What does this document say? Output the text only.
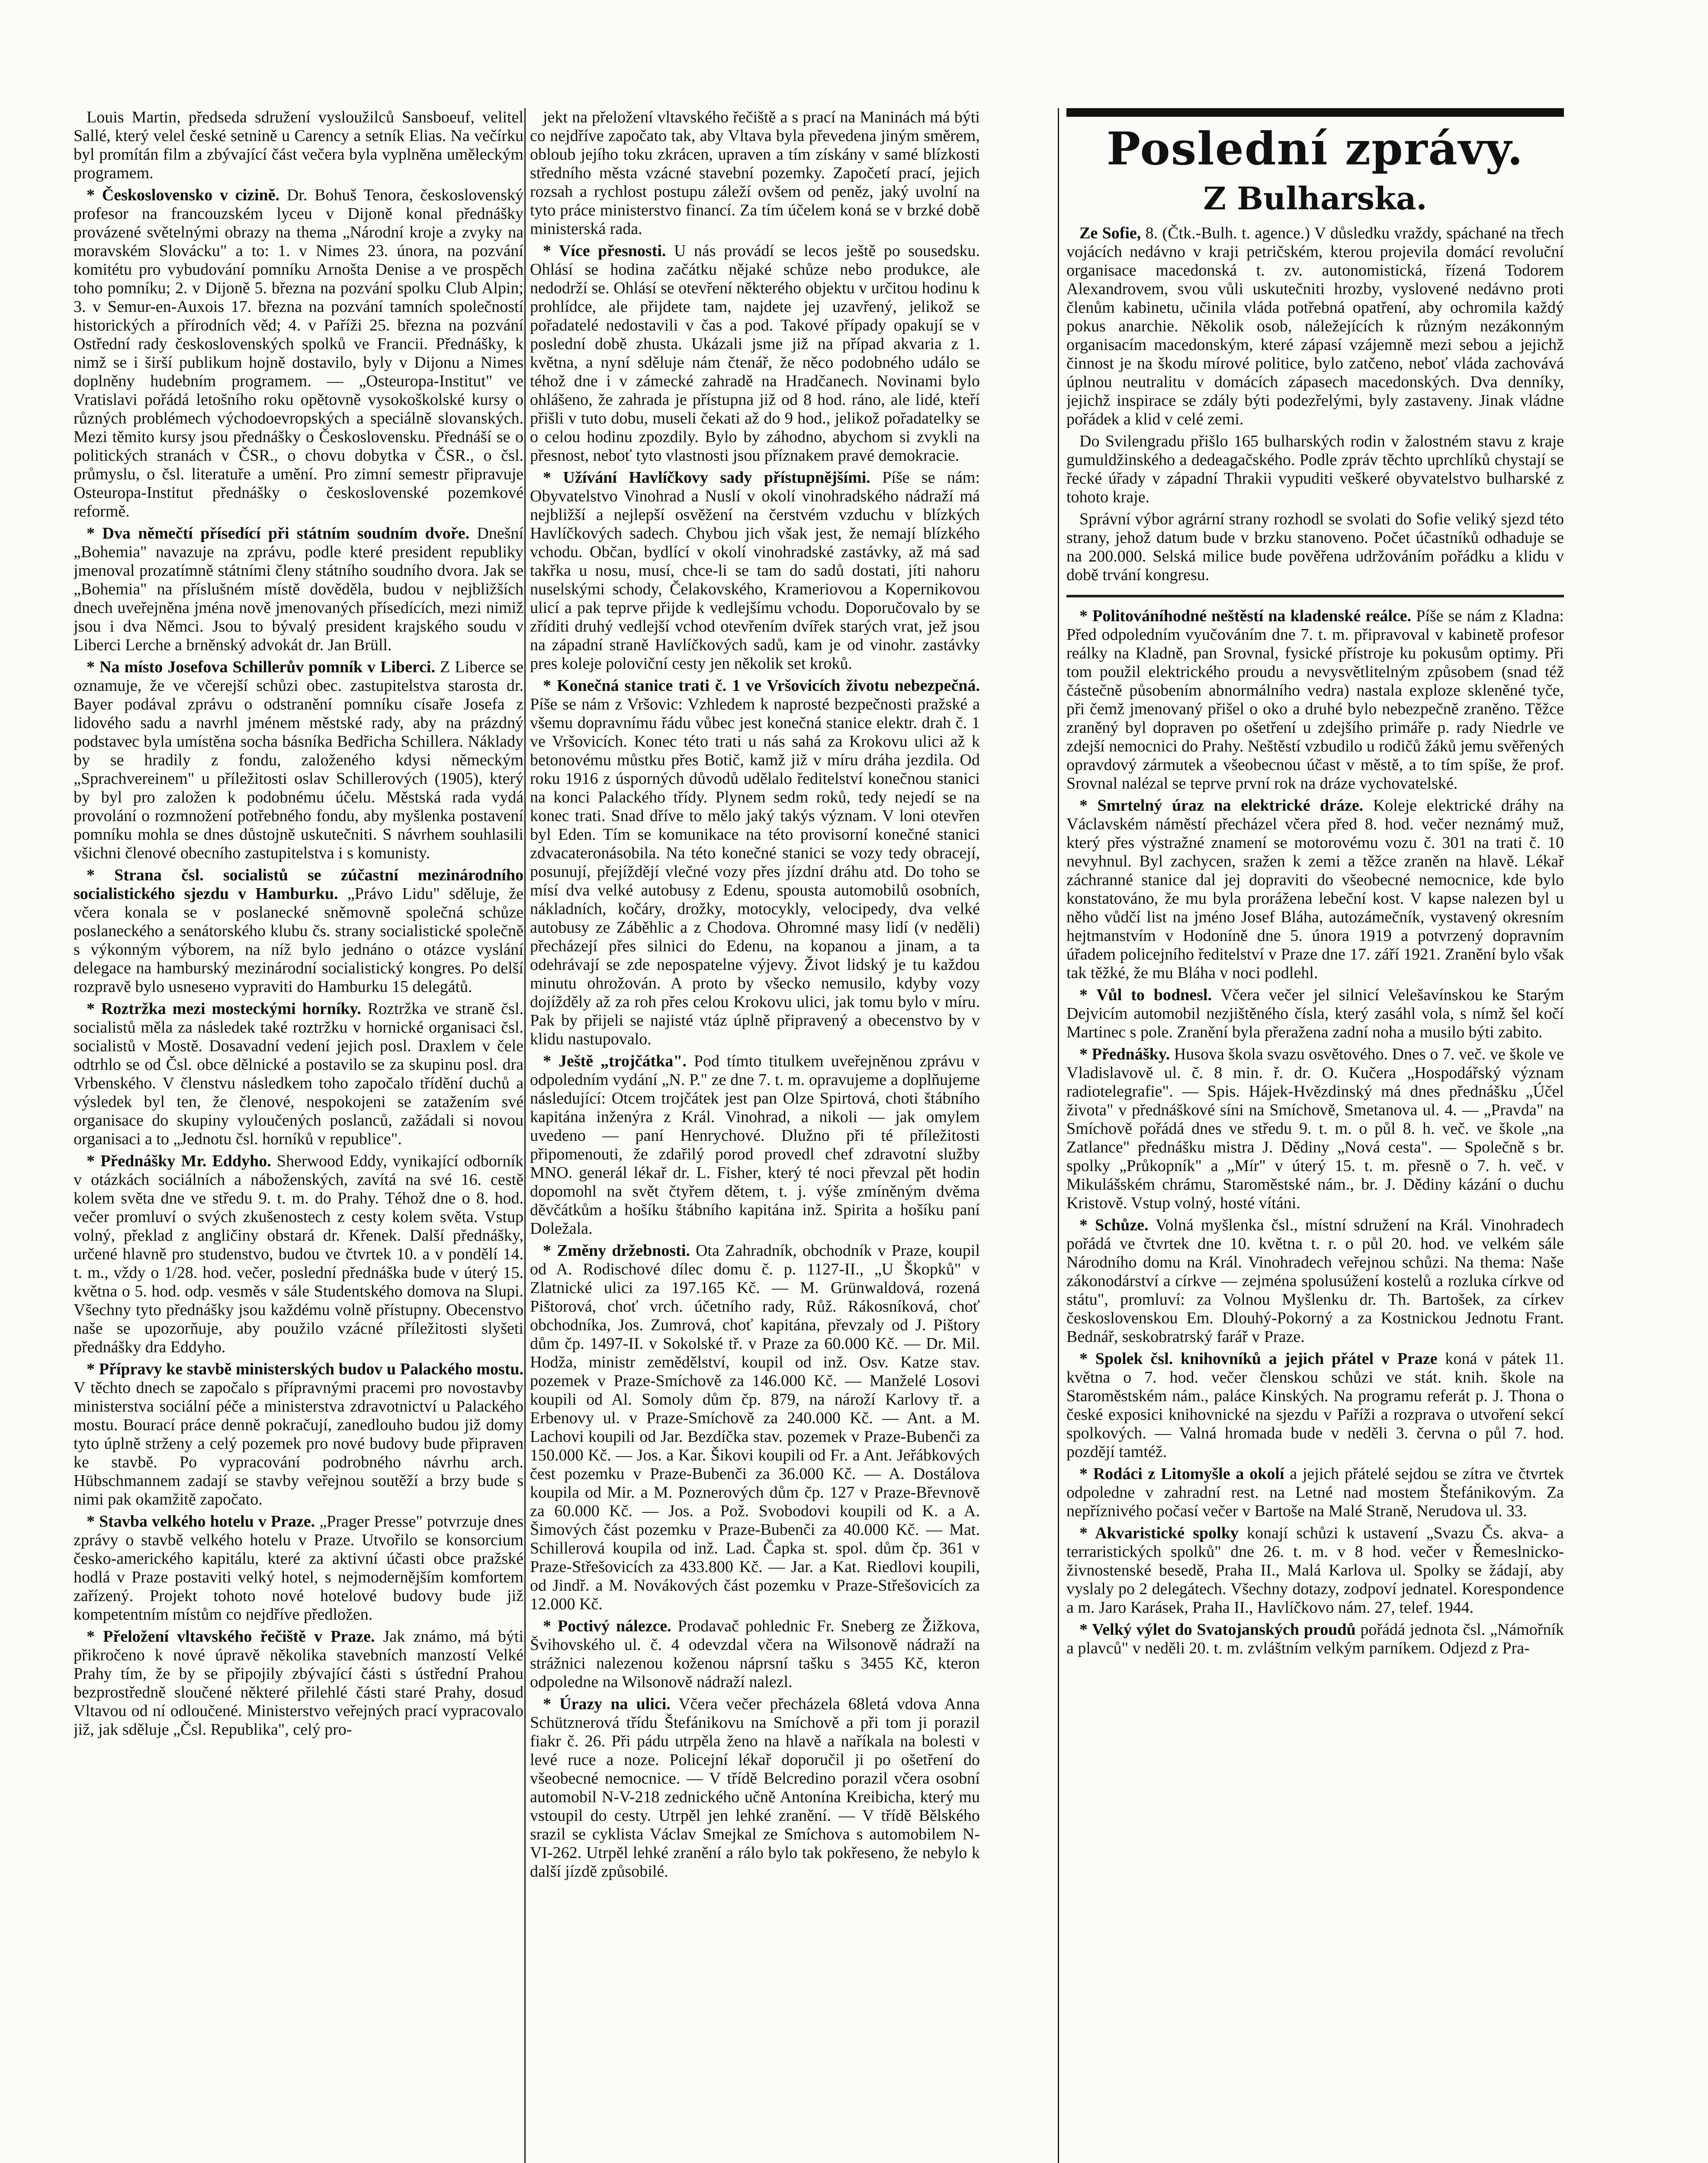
Louis Martin, předseda sdružení vysloužilců Sansboeuf, velitel Sallé, který velel české setnině u Carency a setník Elias. Na večírku byl promítán film a zbývající část večera byla vyplněna uměleckým programem.

* Československo v cizině. Dr. Bohuš Tenora, československý profesor na francouzském lyceu v Dijoně konal přednášky provázené světelnými obrazy na thema „Národní kroje a zvyky na moravském Slovácku" a to: 1. v Nimes 23. února, na pozvání komitétu pro vybudování pomníku Arnošta Denise a ve prospěch toho pomníku; 2. v Dijoně 5. března na pozvání spolku Club Alpin; 3. v Semur-en-Auxois 17. března na pozvání tamních společností historických a přírodních věd; 4. v Paříži 25. března na pozvání Ostřední rady československých spolků ve Francii. Přednášky, k nimž se i širší publikum hojně dostavilo, byly v Dijonu a Nimes doplněny hudebním programem. — „Osteuropa-Institut" ve Vratislavi pořádá letošního roku opětovně vysokoškolské kursy o různých problémech východoevropských a speciálně slovanských. Mezi těmito kursy jsou přednášky o Československu. Přednáší se o politických stranách v ČSR., o chovu dobytka v ČSR., o čsl. průmyslu, o čsl. literatuře a umění. Pro zimní semestr připravuje Osteuropa-Institut přednášky o československé pozemkové reformě.

* Dva němečtí přísedící při státním soudním dvoře. Dnešní „Bohemia" navazuje na zprávu, podle které president republiky jmenoval prozatímně státními členy státního soudního dvora. Jak se „Bohemia" na příslušném místě dověděla, budou v nejbližších dnech uveřejněna jména nově jmenovaných přísedících, mezi nimiž jsou i dva Němci. Jsou to bývalý president krajského soudu v Liberci Lerche a brněnský advokát dr. Jan Brüll.

* Na místo Josefova Schillerův pomník v Liberci. Z Liberce se oznamuje, že ve včerejší schůzi obec. zastupitelstva starosta dr. Bayer podával zprávu o odstranění pomníku císaře Josefa z lidového sadu a navrhl jménem městské rady, aby na prázdný podstavec byla umístěna socha básníka Bedřicha Schillera. Náklady by se hradily z fondu, založeného kdysi německým „Sprachvereinem" u příležitosti oslav Schillerových (1905), který by byl pro založen k podobnému účelu. Městská rada vydá provolání o rozmnožení potřebného fondu, aby myšlenka postavení pomníku mohla se dnes důstojně uskutečniti. S návrhem souhlasili všichni členové obecního zastupitelstva i s komunisty.

* Strana čsl. socialistů se zúčastní mezinárodního socialistického sjezdu v Hamburku. „Právo Lidu" sděluje, že včera konala se v poslanecké sněmovně společná schůze poslaneckého a senátorského klubu čs. strany socialistické společně s výkonným výborem, na níž bylo jednáno o otázce vyslání delegace na hamburský mezinárodní socialistický kongres. Po delší rozpravě bylo usnesено vypraviti do Hamburku 15 delegátů.

* Roztržka mezi mosteckými horníky. Roztržka ve straně čsl. socialistů měla za následek také roztržku v hornické organisaci čsl. socialistů v Mostě. Dosavadní vedení jejich posl. Draxlem v čele odtrhlo se od Čsl. obce dělnické a postavilo se za skupinu posl. dra Vrbenského. V členstvu následkem toho započalo třídění duchů a výsledek byl ten, že členové, nespokojeni se zatažením své organisace do skupiny vyloučených poslanců, zažádali si novou organisaci a to „Jednotu čsl. horníků v republice".

* Přednášky Mr. Eddyho. Sherwood Eddy, vynikající odborník v otázkách sociálních a náboženských, zavítá na své 16. cestě kolem světa dne ve středu 9. t. m. do Prahy. Téhož dne o 8. hod. večer promluví o svých zkušenostech z cesty kolem světa. Vstup volný, překlad z angličiny obstará dr. Křenek. Další přednášky, určené hlavně pro studenstvo, budou ve čtvrtek 10. a v pondělí 14. t. m., vždy o 1/28. hod. večer, poslední přednáška bude v úterý 15. května o 5. hod. odp. vesměs v sále Studentského domova na Slupi. Všechny tyto přednášky jsou každému volně přístupny. Obecenstvo naše se upozorňuje, aby použilo vzácné příležitosti slyšeti přednášky dra Eddyho.

* Přípravy ke stavbě ministerských budov u Palackého mostu. V těchto dnech se započalo s přípravnými pracemi pro novostavby ministerstva sociální péče a ministerstva zdravotnictví u Palackého mostu. Bourací práce denně pokračují, zanedlouho budou již domy tyto úplně strženy a celý pozemek pro nové budovy bude připraven ke stavbě. Po vypracování podrobného návrhu arch. Hübschmannem zadají se stavby veřejnou soutěží a brzy bude s nimi pak okamžitě započato.

* Stavba velkého hotelu v Praze. „Prager Presse" potvrzuje dnes zprávy o stavbě velkého hotelu v Praze. Utvořilo se konsorcium česko-amerického kapitálu, které za aktivní účasti obce pražské hodlá v Praze postaviti velký hotel, s nejmodernějším komfortem zařízený. Projekt tohoto nové hotelové budovy bude již kompetentním místům co nejdříve předložen.

* Přeložení vltavského řečiště v Praze. Jak známo, má býti přikročeno k nové úpravě několika stavebních manzostí Velké Prahy tím, že by se připojily zbývající části s ústřední Prahou bezprostředně sloučené některé přilehlé části staré Prahy, dosud Vltavou od ní odloučené. Ministerstvo veřejných prací vypracovalo již, jak sděluje „Čsl. Republika", celý pro-

jekt na přeložení vltavského řečiště a s prací na Maninách má býti co nejdříve započato tak, aby Vltava byla převedena jiným směrem, obloub jejího toku zkrácen, upraven a tím získány v samé blízkosti středního města vzácné stavební pozemky. Započetí prací, jejich rozsah a rychlost postupu záleží ovšem od peněz, jaký uvolní na tyto práce ministerstvo financí. Za tím účelem koná se v brzké době ministerská rada.

* Více přesnosti. U nás provádí se lecos ještě po sousedsku. Ohlásí se hodina začátku nějaké schůze nebo produkce, ale nedodrží se. Ohlásí se otevření některého objektu v určitou hodinu k prohlídce, ale přijdete tam, najdete jej uzavřený, jelikož se pořadatelé nedostavili v čas a pod. Takové případy opakují se v poslední době zhusta. Ukázali jsme již na případ akvaria z 1. května, a nyní sděluje nám čtenář, že něco podobného událo se téhož dne i v zámecké zahradě na Hradčanech. Novinami bylo ohlášeno, že zahrada je přístupna již od 8 hod. ráno, ale lidé, kteří přišli v tuto dobu, museli čekati až do 9 hod., jelikož pořadatelky se o celou hodinu zpozdily. Bylo by záhodno, abychom si zvykli na přesnost, neboť tyto vlastnosti jsou příznakem pravé demokracie.

* Užívání Havlíčkovy sady přístupnějšími. Píše se nám: Obyvatelstvo Vinohrad a Nuslí v okolí vinohradského nádraží má nejbližší a nejlepší osvěžení na čerstvém vzduchu v blízkých Havlíčkových sadech. Chybou jich však jest, že nemají blízkého vchodu. Občan, bydlící v okolí vinohradské zastávky, až má sad takřka u nosu, musí, chce-li se tam do sadů dostati, jíti nahoru nuselskými schody, Čelakovského, Krameriovou a Kopernikovou ulicí a pak teprve přijde k vedlejšímu vchodu. Doporučovalo by se zříditi druhý vedlejší vchod otevřením dvířek starých vrat, jež jsou na západní straně Havlíčkových sadů, kam je od vinohr. zastávky pres koleje poloviční cesty jen několik set kroků.

* Konečná stanice trati č. 1 ve Vršovicích životu nebezpečná. Píše se nám z Vršovic: Vzhledem k naprosté bezpečnosti pražské a všemu dopravnímu řádu vůbec jest konečná stanice elektr. drah č. 1 ve Vršovicích. Konec této trati u nás sahá za Krokovu ulici až k betonovému můstku přes Botič, kamž již v míru dráha jezdila. Od roku 1916 z úsporných důvodů udělalo ředitelství konečnou stanici na konci Palackého třídy. Plynem sedm roků, tedy nejedí se na konec trati. Snad dříve to mělo jaký takýs význam. V loni otevřen byl Eden. Tím se komunikace na této provisorní konečné stanici zdvacateronásobila. Na této konečné stanici se vozy tedy obracejí, posunují, přejíždějí vlečné vozy přes jízdní dráhu atd. Do toho se mísí dva velké autobusy z Edenu, spousta automobilů osobních, nákladních, kočáry, drožky, motocykly, velocipedy, dva velké autobusy ze Záběhlic a z Chodova. Ohromné masy lidí (v neděli) přecházejí přes silnici do Edenu, na kopanou a jinam, a ta odehrávají se zde nepospatelne výjevy. Život lidský je tu každou minutu ohrožován. A proto by všecko nemusilo, kdyby vozy dojížděly až za roh přes celou Krokovu ulici, jak tomu bylo v míru. Pak by přijeli se najisté vtáz úplně připravený a obecenstvo by v klidu nastupovalo.

* Ještě „trojčátka". Pod tímto titulkem uveřejněnou zprávu v odpoledním vydání „N. P." ze dne 7. t. m. opravujeme a doplňujeme následující: Otcem trojčátek jest pan Olze Spirtová, choti štábního kapitána inženýra z Král. Vinohrad, a nikoli — jak omylem uvedeno — paní Henrychové. Dlužno při té příležitosti připomenouti, že zdařilý porod provedl chef zdravotní služby MNO. generál lékař dr. L. Fisher, který té noci převzal pět hodin dopomohl na svět čtyřem dětem, t. j. výše zmíněným dvěma děvčátkům a hošíku štábního kapitána inž. Spirita a hošíku paní Doležala.

* Změny držebnosti. Ota Zahradník, obchodník v Praze, koupil od A. Rodischové dílec domu č. p. 1127-II., „U Škopků" v Zlatnické ulici za 197.165 Kč. — M. Grünwaldová, rozená Pištorová, choť vrch. účetního rady, Růž. Rákosníková, choť obchodníka, Jos. Zumrová, choť kapitána, převzaly od J. Pištory dům čp. 1497-II. v Sokolské tř. v Praze za 60.000 Kč. — Dr. Mil. Hodža, ministr zemědělství, koupil od inž. Osv. Katze stav. pozemek v Praze-Smíchově za 146.000 Kč. — Manželé Losovi koupili od Al. Somoly dům čp. 879, na nároží Karlovy tř. a Erbenovy ul. v Praze-Smíchově za 240.000 Kč. — Ant. a M. Lachovi koupili od Jar. Bezdíčka stav. pozemek v Praze-Bubenči za 150.000 Kč. — Jos. a Kar. Šikovi koupili od Fr. a Ant. Jeřábkových čest pozemku v Praze-Bubenči za 36.000 Kč. — A. Dostálova koupila od Mir. a M. Poznerových dům čp. 127 v Praze-Břevnově za 60.000 Kč. — Jos. a Pož. Svobodovi koupili od K. a A. Šimových část pozemku v Praze-Bubenči za 40.000 Kč. — Mat. Schillerová koupila od inž. Lad. Čapka st. spol. dům čp. 361 v Praze-Střešovicích za 433.800 Kč. — Jar. a Kat. Riedlovi koupili, od Jindř. a M. Novákových část pozemku v Praze-Střešovicích za 12.000 Kč.

* Poctivý nálezce. Prodavač pohlednic Fr. Sneberg ze Žižkova, Švihovského ul. č. 4 odevzdal včera na Wilsonově nádraží na strážnici nalezenou koženou náprsní tašku s 3455 Kč, kteron odpoledne na Wilsonově nádraží nalezl.

* Úrazy na ulici. Včera večer přecházela 68letá vdova Anna Schütznerová třídu Štefánikovu na Smíchově a při tom ji porazil fiakr č. 26. Při pádu utrpěla ženo na hlavě a naříkala na bolesti v levé ruce a noze. Policejní lékař doporučil ji po ošetření do všeobecné nemocnice. — V třídě Belcredino porazil včera osobní automobil N-V-218 zednického učně Antonína Kreibicha, který mu vstoupil do cesty. Utrpěl jen lehké zranění. — V třídě Bělského srazil se cyklista Václav Smejkal ze Smíchova s automobilem N-VI-262. Utrpěl lehké zranění a rálo bylo tak pokřeseno, že nebylo k další jízdě způsobilé.

Poslední zprávy.
Z Bulharska.

Ze Sofie, 8. (Čtk.-Bulh. t. agence.) V důsledku vraždy, spáchané na třech vojácích nedávno v kraji petričském, kterou projevila domácí revoluční organisace macedonská t. zv. autonomistická, řízená Todorem Alexandrovem, svou vůli uskutečniti hrozby, vyslovené nedávno proti členům kabinetu, učinila vláda potřebná opatření, aby ochromila každý pokus anarchie. Několik osob, náležejících k různým nezákonným organisacím macedonským, které zápasí vzájemně mezi sebou a jejichž činnost je na škodu mírové politice, bylo zatčeno, neboť vláda zachovává úplnou neutralitu v domácích zápasech macedonských. Dva denníky, jejichž inspirace se zdály býti podezřelými, byly zastaveny. Jinak vládne pořádek a klid v celé zemi.

Do Svilengradu přišlo 165 bulharských rodin v žalostném stavu z kraje gumuldžinského a dedeagačského. Podle zpráv těchto uprchlíků chystají se řecké úřady v západní Thrakii vypuditi veškeré obyvatelstvo bulharské z tohoto kraje.

Správní výbor agrární strany rozhodl se svolati do Sofie veliký sjezd této strany, jehož datum bude v brzku stanoveno. Počet účastníků odhaduje se na 200.000. Selská milice bude pověřena udržováním pořádku a klidu v době trvání kongresu.

* Politováníhodné neštěstí na kladenské reálce. Píše se nám z Kladna: Před odpoledním vyučováním dne 7. t. m. připravoval v kabinetě profesor reálky na Kladně, pan Srovnal, fysické přístroje ku pokusům optimy. Při tom použil elektrického proudu a nevysvětlitelným způsobem (snad též částečně působením abnormálního vedra) nastala exploze skleněné tyče, při čemž jmenovaný přišel o oko a druhé bylo nebezpečně zraněno. Těžce zraněný byl dopraven po ošetření u zdejšího primáře p. rady Niedrle ve zdejší nemocnici do Prahy. Neštěstí vzbudilo u rodičů žáků jemu svěřených opravdový zármutek a všeobecnou účast v městě, a to tím spíše, že prof. Srovnal nalézal se teprve první rok na dráze vychovatelské.

* Smrtelný úraz na elektrické dráze. Koleje elektrické dráhy na Václavském náměstí přecházel včera před 8. hod. večer neznámý muž, který přes výstražné znamení se motorovému vozu č. 301 na trati č. 10 nevyhnul. Byl zachycen, sražen k zemi a těžce zraněn na hlavě. Lékař záchranné stanice dal jej dopraviti do všeobecné nemocnice, kde bylo konstatováno, že mu byla prorážena lebeční kost. V kapse nalezen byl u něho vůdčí list na jméno Josef Bláha, autozámečník, vystavený okresním hejtmanstvím v Hodoníně dne 5. února 1919 a potvrzený dopravním úřadem policejního ředitelství v Praze dne 17. září 1921. Zranění bylo však tak těžké, že mu Bláha v noci podlehl.

* Vůl to bodnesl. Včera večer jel silnicí Velešavínskou ke Starým Dejvicím automobil nezjištěného čísla, který zasáhl vola, s nímž šel kočí Martinec s pole. Zranění byla přeražena zadní noha a musilo býti zabito.

* Přednášky. Husova škola svazu osvětového. Dnes o 7. več. ve škole ve Vladislavově ul. č. 8 min. ř. dr. O. Kučera „Hospodářský význam radiotelegrafie". — Spis. Hájek-Hvězdinský má dnes přednášku „Účel života" v přednáškové síni na Smíchově, Smetanova ul. 4. — „Pravda" na Smíchově pořádá dnes ve středu 9. t. m. o půl 8. h. več. ve škole „na Zatlance" přednášku mistra J. Dědiny „Nová cesta". — Společně s br. spolky „Průkopník" a „Mír" v úterý 15. t. m. přesně o 7. h. več. v Mikulášském chrámu, Staroměstské nám., br. J. Dědiny kázání o duchu Kristově. Vstup volný, hosté vítáni.

* Schůze. Volná myšlenka čsl., místní sdružení na Král. Vinohradech pořádá ve čtvrtek dne 10. května t. r. o půl 20. hod. ve velkém sále Národního domu na Král. Vinohradech veřejnou schůzi. Na thema: Naše zákonodárství a církve — zejména spolusúžení kostelů a rozluka církve od státu", promluví: za Volnou Myšlenku dr. Th. Bartošek, za církev československou Em. Dlouhý-Pokorný a za Kostnickou Jednotu Frant. Bednář, seskobratrský farář v Praze.

* Spolek čsl. knihovníků a jejich přátel v Praze koná v pátek 11. května o 7. hod. večer členskou schůzi ve stát. knih. škole na Staroměstském nám., paláce Kinských. Na programu referát p. J. Thona o české exposici knihovnické na sjezdu v Paříži a rozprava o utvoření sekcí spolkových. — Valná hromada bude v neděli 3. června o půl 7. hod. pozdějí tamtéž.

* Rodáci z Litomyšle a okolí a jejich přátelé sejdou se zítra ve čtvrtek odpoledne v zahradní rest. na Letné nad mostem Štefánikovým. Za nepříznivého počasí večer v Bartoše na Malé Straně, Nerudova ul. 33.

* Akvaristické spolky konají schůzi k ustavení „Svazu Čs. akva- a terraristických spolků" dne 26. t. m. v 8 hod. večer v Řemeslnicko-živnostenské besedě, Praha II., Malá Karlova ul. Spolky se žádají, aby vyslaly po 2 delegátech. Všechny dotazy, zodpoví jednatel. Korespondence a m. Jaro Karásek, Praha II., Havlíčkovo nám. 27, telef. 1944.

* Velký výlet do Svatojanských proudů pořádá jednota čsl. „Námořník a plavců" v neděli 20. t. m. zvláštním velkým parníkem. Odjezd z Pra-
